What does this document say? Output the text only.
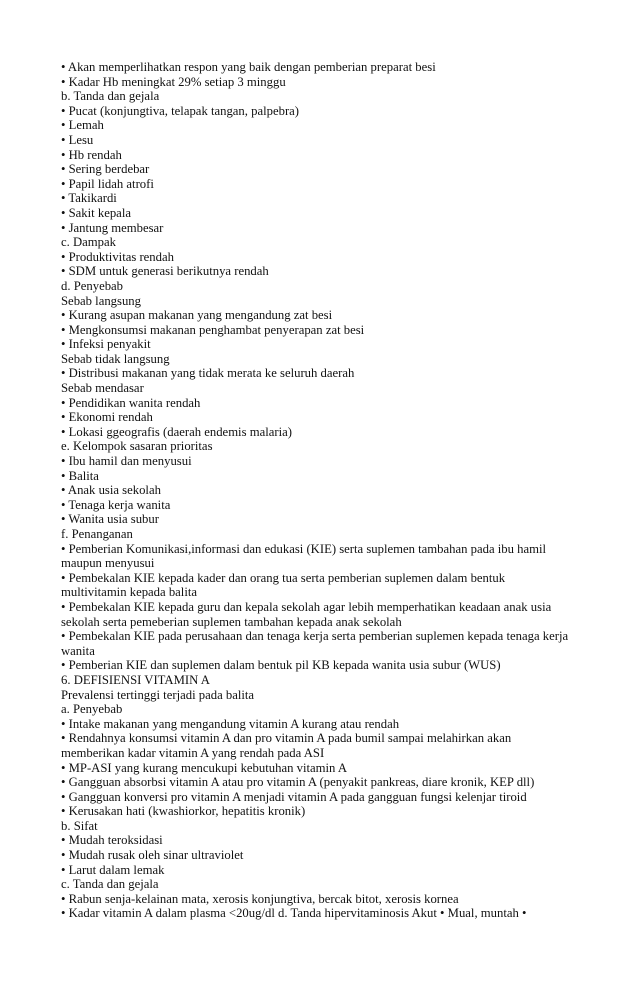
• Akan memperlihatkan respon yang baik dengan pemberian preparat besi
• Kadar Hb meningkat 29% setiap 3 minggu
b. Tanda dan gejala
• Pucat (konjungtiva, telapak tangan, palpebra)
• Lemah
• Lesu
• Hb rendah
• Sering berdebar
• Papil lidah atrofi
• Takikardi
• Sakit kepala
• Jantung membesar
c. Dampak
• Produktivitas rendah
• SDM untuk generasi berikutnya rendah
d. Penyebab
Sebab langsung
• Kurang asupan makanan yang mengandung zat besi
• Mengkonsumsi makanan penghambat penyerapan zat besi
• Infeksi penyakit
Sebab tidak langsung
• Distribusi makanan yang tidak merata ke seluruh daerah
Sebab mendasar
• Pendidikan wanita rendah
• Ekonomi rendah
• Lokasi ggeografis (daerah endemis malaria)
e. Kelompok sasaran prioritas
• Ibu hamil dan menyusui
• Balita
• Anak usia sekolah
• Tenaga kerja wanita
• Wanita usia subur
f. Penanganan
• Pemberian Komunikasi,informasi dan edukasi (KIE) serta suplemen tambahan pada ibu hamil
maupun menyusui
• Pembekalan KIE kepada kader dan orang tua serta pemberian suplemen dalam bentuk
multivitamin kepada balita
• Pembekalan KIE kepada guru dan kepala sekolah agar lebih memperhatikan keadaan anak usia
sekolah serta pemeberian suplemen tambahan kepada anak sekolah
• Pembekalan KIE pada perusahaan dan tenaga kerja serta pemberian suplemen kepada tenaga kerja
wanita
• Pemberian KIE dan suplemen dalam bentuk pil KB kepada wanita usia subur (WUS)
6. DEFISIENSI VITAMIN A
Prevalensi tertinggi terjadi pada balita
a. Penyebab
• Intake makanan yang mengandung vitamin A kurang atau rendah
• Rendahnya konsumsi vitamin A dan pro vitamin A pada bumil sampai melahirkan akan
memberikan kadar vitamin A yang rendah pada ASI
• MP-ASI yang kurang mencukupi kebutuhan vitamin A
• Gangguan absorbsi vitamin A atau pro vitamin A (penyakit pankreas, diare kronik, KEP dll)
• Gangguan konversi pro vitamin A menjadi vitamin A pada gangguan fungsi kelenjar tiroid
• Kerusakan hati (kwashiorkor, hepatitis kronik)
b. Sifat
• Mudah teroksidasi
• Mudah rusak oleh sinar ultraviolet
• Larut dalam lemak
c. Tanda dan gejala
• Rabun senja-kelainan mata, xerosis konjungtiva, bercak bitot, xerosis kornea
• Kadar vitamin A dalam plasma <20ug/dl d. Tanda hipervitaminosis Akut • Mual, muntah •
